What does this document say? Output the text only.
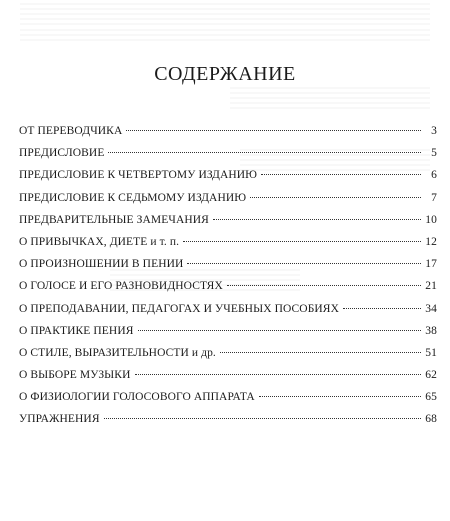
СОДЕРЖАНИЕ
ОТ ПЕРЕВОДЧИКА	3
ПРЕДИСЛОВИЕ	5
ПРЕДИСЛОВИЕ К ЧЕТВЕРТОМУ ИЗДАНИЮ	6
ПРЕДИСЛОВИЕ К СЕДЬМОМУ ИЗДАНИЮ	7
ПРЕДВАРИТЕЛЬНЫЕ ЗАМЕЧАНИЯ	10
О ПРИВЫЧКАХ, ДИЕТЕ и т. п.	12
О ПРОИЗНОШЕНИИ В ПЕНИИ	17
О ГОЛОСЕ И ЕГО РАЗНОВИДНОСТЯХ	21
О ПРЕПОДАВАНИИ, ПЕДАГОГАХ И УЧЕБНЫХ ПОСОБИЯХ	34
О ПРАКТИКЕ ПЕНИЯ	38
О СТИЛЕ, ВЫРАЗИТЕЛЬНОСТИ и др.	51
О ВЫБОРЕ МУЗЫКИ	62
О ФИЗИОЛОГИИ ГОЛОСОВОГО АППАРАТА	65
УПРАЖНЕНИЯ	68
